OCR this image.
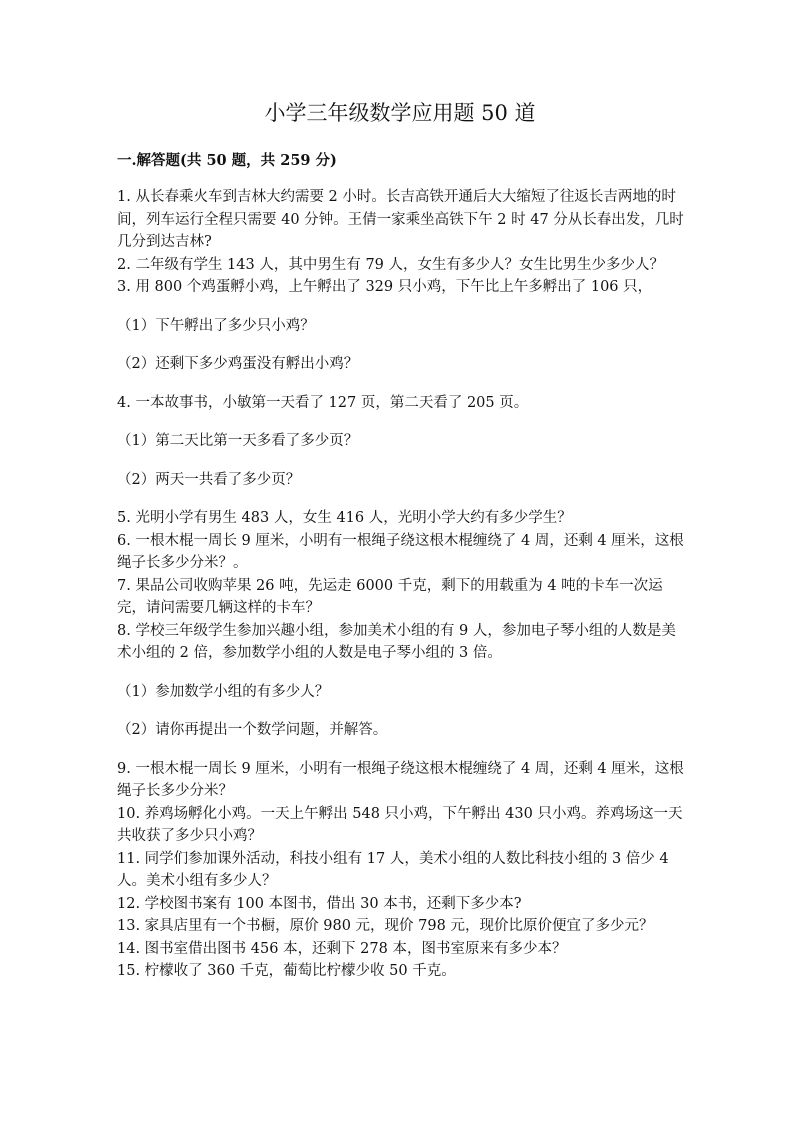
小学三年级数学应用题 50 道
一.解答题(共 50 题，共 259 分)

1. 从长春乘火车到吉林大约需要 2 小时。长吉高铁开通后大大缩短了往返长吉两地的时间，列车运行全程只需要 40 分钟。王倩一家乘坐高铁下午 2 时 47 分从长春出发，几时几分到达吉林?

2. 二年级有学生 143 人，其中男生有 79 人，女生有多少人？女生比男生少多少人？

3. 用 800 个鸡蛋孵小鸡，上午孵出了 329 只小鸡，下午比上午多孵出了 106 只，

（1）下午孵出了多少只小鸡？

（2）还剩下多少鸡蛋没有孵出小鸡？

4. 一本故事书，小敏第一天看了 127 页，第二天看了 205 页。

（1）第二天比第一天多看了多少页？

（2）两天一共看了多少页？

5. 光明小学有男生 483 人，女生 416 人，光明小学大约有多少学生？

6. 一根木棍一周长 9 厘米，小明有一根绳子绕这根木棍缠绕了 4 周，还剩 4 厘米，这根绳子长多少分米？。

7. 果品公司收购苹果 26 吨，先运走 6000 千克，剩下的用载重为 4 吨的卡车一次运完，请问需要几辆这样的卡车？

8. 学校三年级学生参加兴趣小组，参加美术小组的有 9 人，参加电子琴小组的人数是美术小组的 2 倍，参加数学小组的人数是电子琴小组的 3 倍。

（1）参加数学小组的有多少人？

（2）请你再提出一个数学问题，并解答。

9. 一根木棍一周长 9 厘米，小明有一根绳子绕这根木棍缠绕了 4 周，还剩 4 厘米，这根绳子长多少分米？

10. 养鸡场孵化小鸡。一天上午孵出 548 只小鸡，下午孵出 430 只小鸡。养鸡场这一天共收获了多少只小鸡？

11. 同学们参加课外活动，科技小组有 17 人，美术小组的人数比科技小组的 3 倍少 4 人。美术小组有多少人？

12. 学校图书案有 100 本图书，借出 30 本书，还剩下多少本?

13. 家具店里有一个书橱，原价 980 元，现价 798 元，现价比原价便宜了多少元？

14. 图书室借出图书 456 本，还剩下 278 本，图书室原来有多少本？

15. 柠檬收了 360 千克，葡萄比柠檬少收 50 千克。
